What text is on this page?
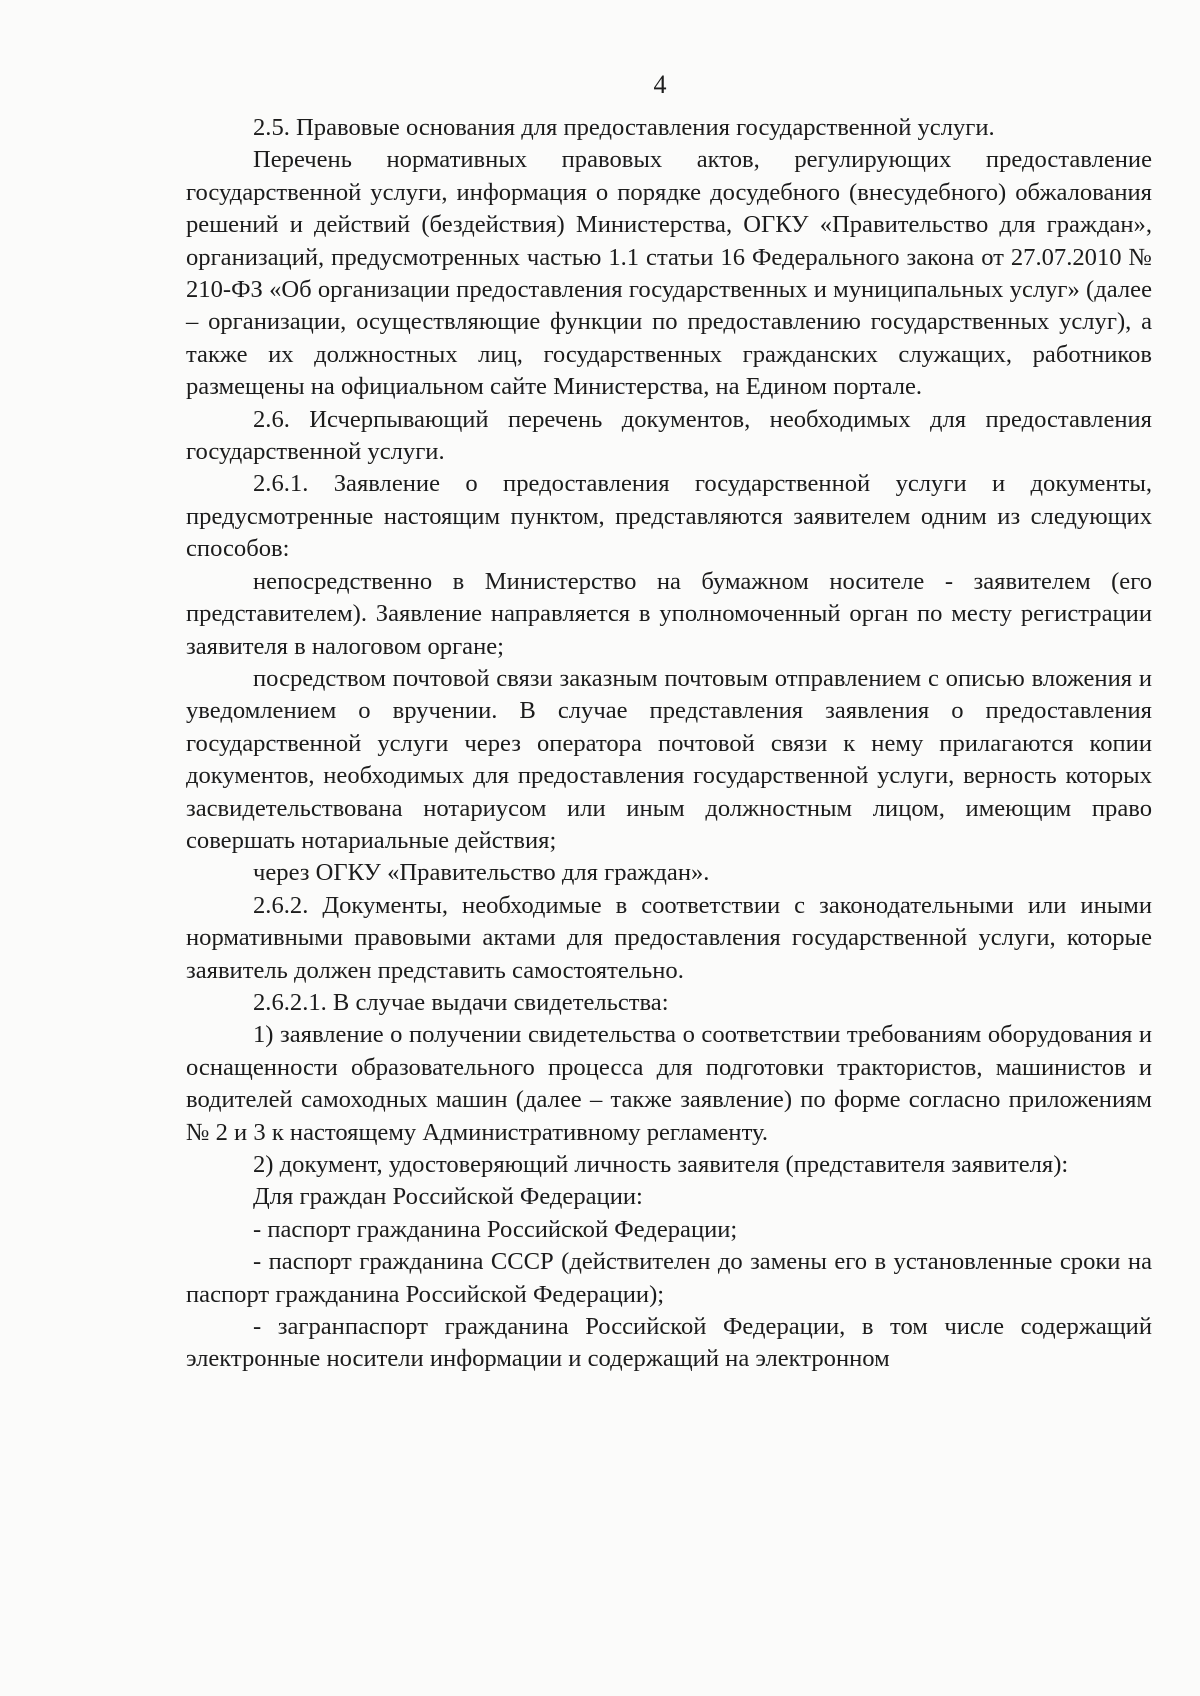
4

2.5. Правовые основания для предоставления государственной услуги.

Перечень нормативных правовых актов, регулирующих предоставление государственной услуги, информация о порядке досудебного (внесудебного) обжалования решений и действий (бездействия) Министерства, ОГКУ «Правительство для граждан», организаций, предусмотренных частью 1.1 статьи 16 Федерального закона от 27.07.2010 № 210-ФЗ «Об организации предоставления государственных и муниципальных услуг» (далее – организации, осуществляющие функции по предоставлению государственных услуг), а также их должностных лиц, государственных гражданских служащих, работников размещены на официальном сайте Министерства, на Едином портале.

2.6. Исчерпывающий перечень документов, необходимых для предоставления государственной услуги.

2.6.1. Заявление о предоставления государственной услуги и документы, предусмотренные настоящим пунктом, представляются заявителем одним из следующих способов:

непосредственно в Министерство на бумажном носителе - заявителем (его представителем). Заявление направляется в уполномоченный орган по месту регистрации заявителя в налоговом органе;

посредством почтовой связи заказным почтовым отправлением с описью вложения и уведомлением о вручении. В случае представления заявления о предоставления государственной услуги через оператора почтовой связи к нему прилагаются копии документов, необходимых для предоставления государственной услуги, верность которых засвидетельствована нотариусом или иным должностным лицом, имеющим право совершать нотариальные действия;

через ОГКУ «Правительство для граждан».

2.6.2. Документы, необходимые в соответствии с законодательными или иными нормативными правовыми актами для предоставления государственной услуги, которые заявитель должен представить самостоятельно.

2.6.2.1. В случае выдачи свидетельства:

1) заявление о получении свидетельства о соответствии требованиям оборудования и оснащенности образовательного процесса для подготовки трактористов, машинистов и водителей самоходных машин (далее – также заявление) по форме согласно приложениям № 2 и 3 к настоящему Административному регламенту.

2) документ, удостоверяющий личность заявителя (представителя заявителя):

Для граждан Российской Федерации:

- паспорт гражданина Российской Федерации;

- паспорт гражданина СССР (действителен до замены его в установленные сроки на паспорт гражданина Российской Федерации);

- загранпаспорт гражданина Российской Федерации, в том числе содержащий электронные носители информации и содержащий на электронном
